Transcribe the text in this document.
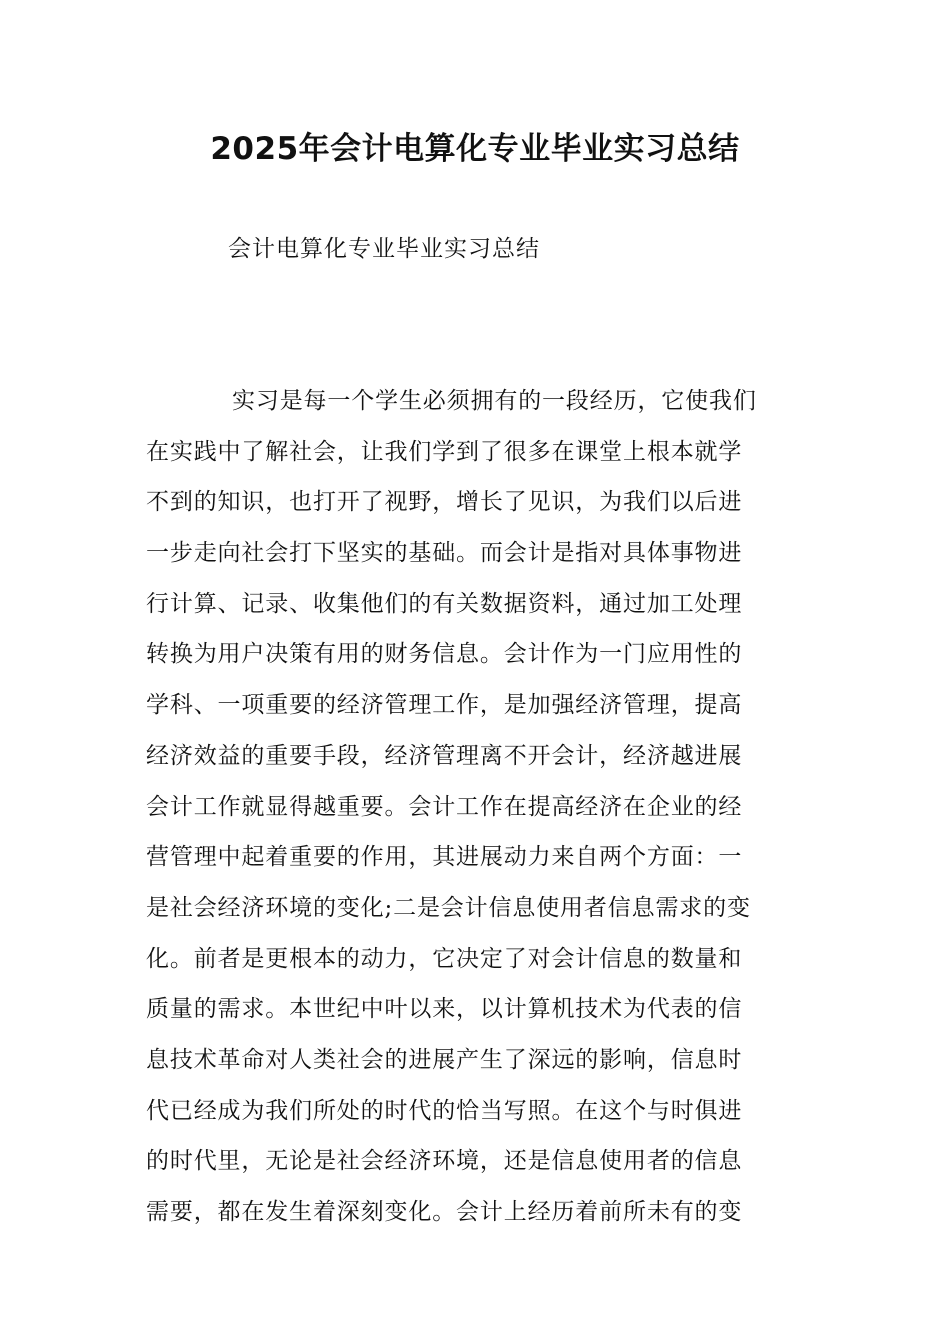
2025年会计电算化专业毕业实习总结
会计电算化专业毕业实习总结
实习是每一个学生必须拥有的一段经历，它使我们
在实践中了解社会，让我们学到了很多在课堂上根本就学
不到的知识，也打开了视野，增长了见识，为我们以后进
一步走向社会打下坚实的基础。而会计是指对具体事物进
行计算、记录、收集他们的有关数据资料，通过加工处理
转换为用户决策有用的财务信息。会计作为一门应用性的
学科、一项重要的经济管理工作，是加强经济管理，提高
经济效益的重要手段，经济管理离不开会计，经济越进展
会计工作就显得越重要。会计工作在提高经济在企业的经
营管理中起着重要的作用，其进展动力来自两个方面：一
是社会经济环境的变化;二是会计信息使用者信息需求的变
化。前者是更根本的动力，它决定了对会计信息的数量和
质量的需求。本世纪中叶以来，以计算机技术为代表的信
息技术革命对人类社会的进展产生了深远的影响，信息时
代已经成为我们所处的时代的恰当写照。在这个与时俱进
的时代里，无论是社会经济环境，还是信息使用者的信息
需要，都在发生着深刻变化。会计上经历着前所未有的变
